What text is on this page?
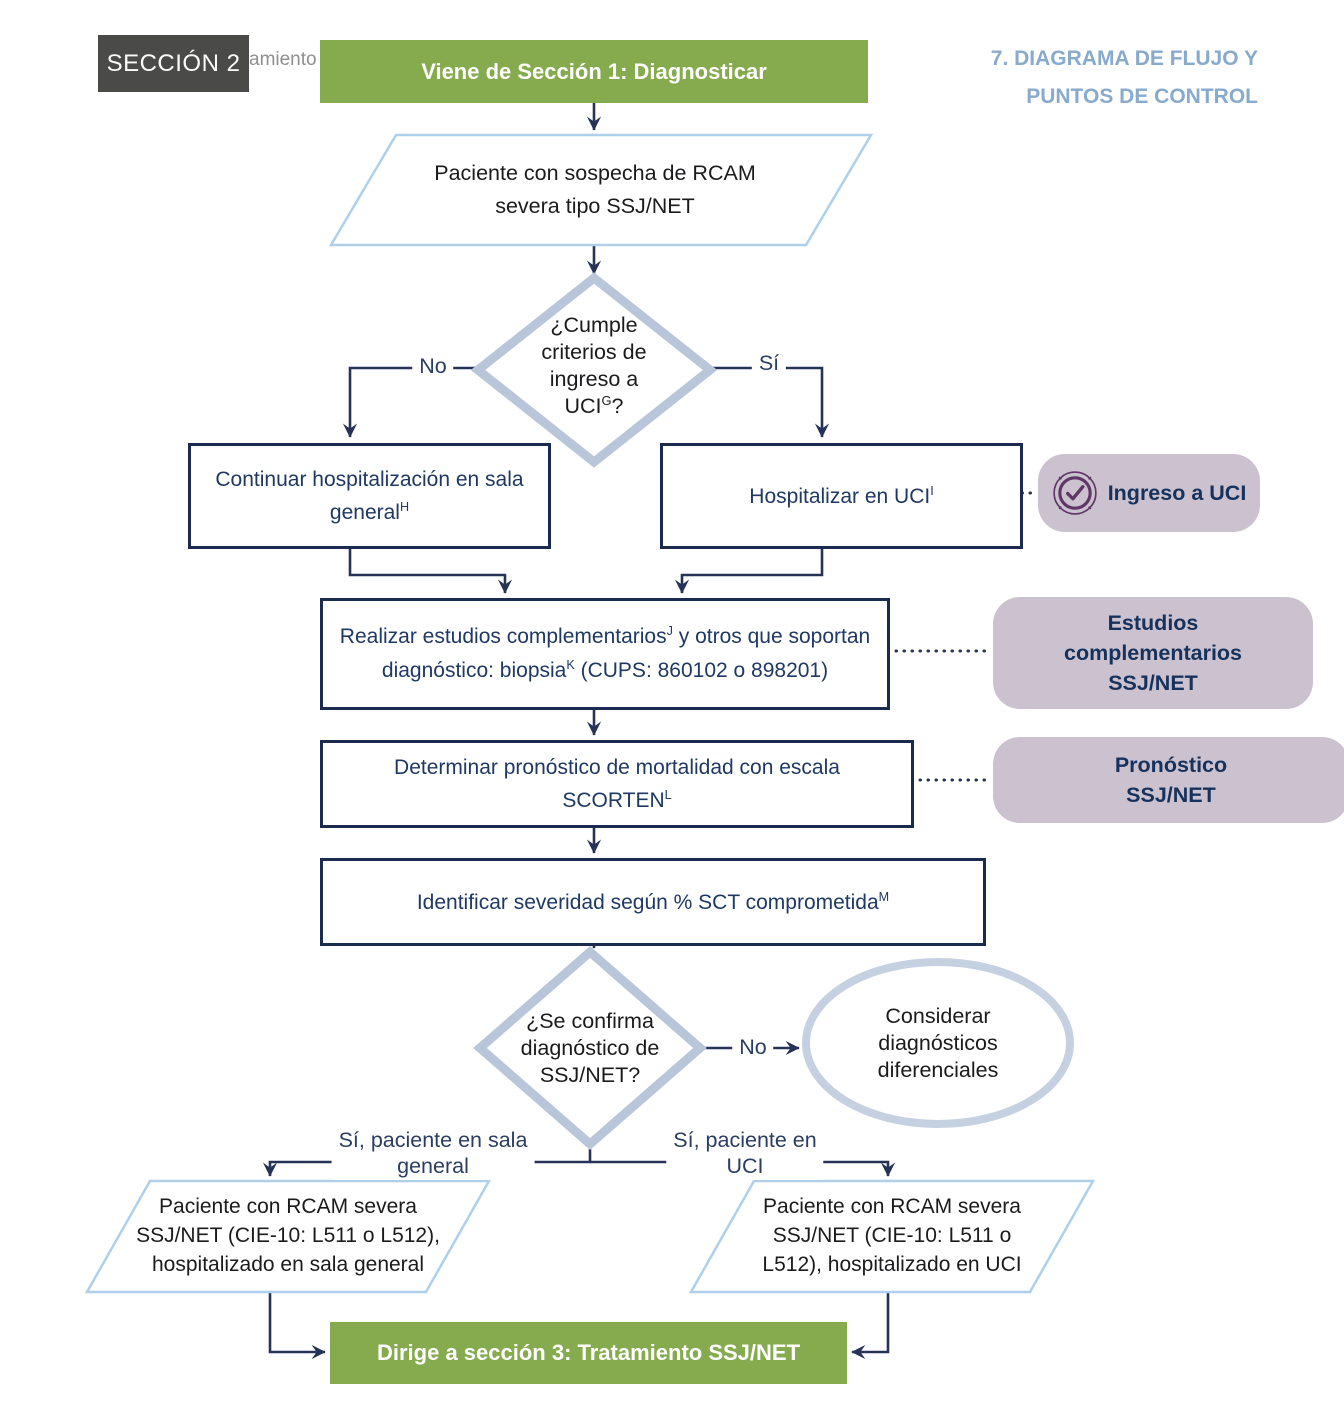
amiento
SECCIÓN 2	Viene de Sección 1: Diagnosticar	7. DIAGRAMA DE FLUJO Y
PUNTOS DE CONTROL
Paciente con sospecha de RCAM
severa tipo SSJ/NET
¿Cumple
criterios de
ingreso a
$UCI^G$?
No	Sí
Continuar hospitalización en sala general$^H$	Hospitalizar en $UCI^I$	Ingreso a UCI
Realizar estudios complementarios$^J$ y otros que soportan diagnóstico: biopsia$^K$ (CUPS: 860102 o 898201)
Estudios complementarios SSJ/NET
Determinar pronóstico de mortalidad con escala $SCORTEN^L$
Pronóstico
SSJ/NET
Identificar severidad según % SCT comprometida$^M$
¿Se confirma
diagnóstico de
SSJ/NET?
No
Considerar
diagnósticos
diferenciales
Sí, paciente en sala
general
Sí, paciente en
UCI
Paciente con RCAM severa
SSJ/NET (CIE-10: L511 o L512),
hospitalizado en sala general
Paciente con RCAM severa
SSJ/NET (CIE-10: L511 o
L512), hospitalizado en UCI
Dirige a sección 3: Tratamiento SSJ/NET
